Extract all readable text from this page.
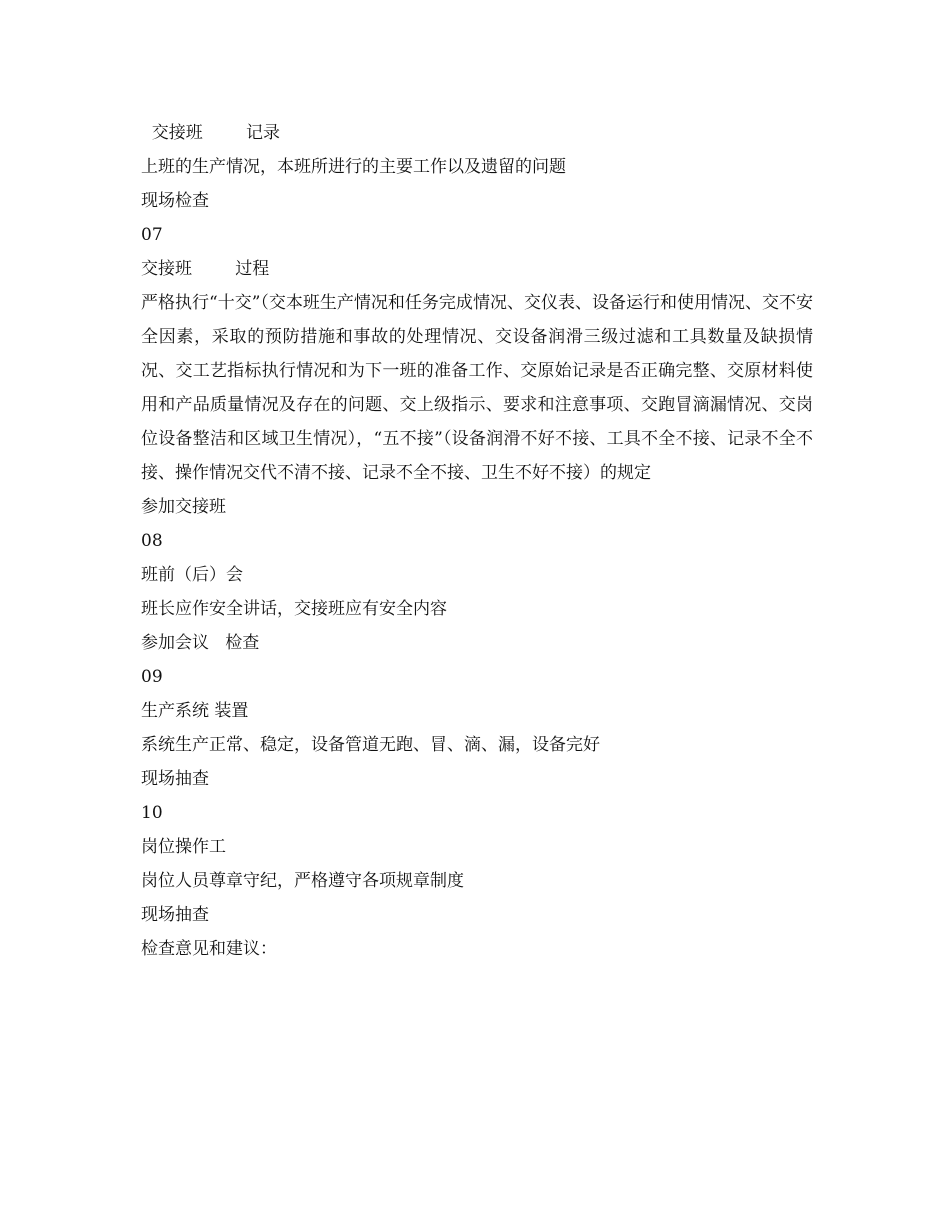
交接班        记录
上班的生产情况，本班所进行的主要工作以及遗留的问题
现场检查
07
交接班        过程

严格执行“十交”（交本班生产情况和任务完成情况、交仪表、设备运行和使用情况、交不安全因素，采取的预防措施和事故的处理情况、交设备润滑三级过滤和工具数量及缺损情况、交工艺指标执行情况和为下一班的准备工作、交原始记录是否正确完整、交原材料使用和产品质量情况及存在的问题、交上级指示、要求和注意事项、交跑冒滴漏情况、交岗位设备整洁和区域卫生情况），“五不接”（设备润滑不好不接、工具不全不接、记录不全不接、操作情况交代不清不接、记录不全不接、卫生不好不接）的规定

参加交接班
08
班前（后）会
班长应作安全讲话，交接班应有安全内容
参加会议   检查
09
生产系统 装置
系统生产正常、稳定，设备管道无跑、冒、滴、漏，设备完好
现场抽查
10
岗位操作工
岗位人员尊章守纪，严格遵守各项规章制度
现场抽查
检查意见和建议：
